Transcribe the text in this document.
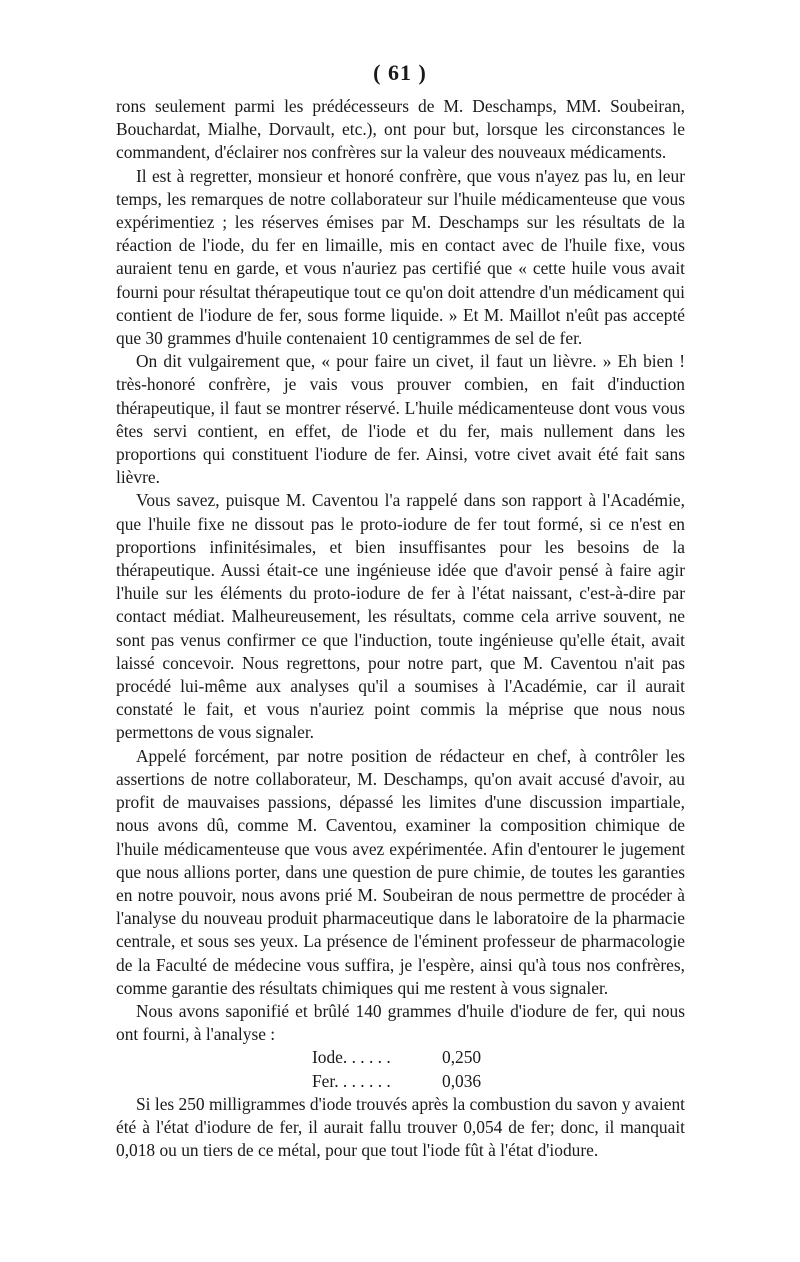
( 61 )

rons seulement parmi les prédécesseurs de M. Deschamps, MM. Soubeiran, Bouchardat, Mialhe, Dorvault, etc.), ont pour but, lorsque les circonstances le commandent, d'éclairer nos confrères sur la valeur des nouveaux médicaments.

Il est à regretter, monsieur et honoré confrère, que vous n'ayez pas lu, en leur temps, les remarques de notre collaborateur sur l'huile médicamenteuse que vous expérimentiez ; les réserves émises par M. Deschamps sur les résultats de la réaction de l'iode, du fer en limaille, mis en contact avec de l'huile fixe, vous auraient tenu en garde, et vous n'auriez pas certifié que « cette huile vous avait fourni pour résultat thérapeutique tout ce qu'on doit attendre d'un médicament qui contient de l'iodure de fer, sous forme liquide. » Et M. Maillot n'eût pas accepté que 30 grammes d'huile contenaient 10 centigrammes de sel de fer.

On dit vulgairement que, « pour faire un civet, il faut un lièvre. » Eh bien ! très-honoré confrère, je vais vous prouver combien, en fait d'induction thérapeutique, il faut se montrer réservé. L'huile médicamenteuse dont vous vous êtes servi contient, en effet, de l'iode et du fer, mais nullement dans les proportions qui constituent l'iodure de fer. Ainsi, votre civet avait été fait sans lièvre.

Vous savez, puisque M. Caventou l'a rappelé dans son rapport à l'Académie, que l'huile fixe ne dissout pas le proto-iodure de fer tout formé, si ce n'est en proportions infinitésimales, et bien insuffisantes pour les besoins de la thérapeutique. Aussi était-ce une ingénieuse idée que d'avoir pensé à faire agir l'huile sur les éléments du proto-iodure de fer à l'état naissant, c'est-à-dire par contact médiat. Malheureusement, les résultats, comme cela arrive souvent, ne sont pas venus confirmer ce que l'induction, toute ingénieuse qu'elle était, avait laissé concevoir. Nous regrettons, pour notre part, que M. Caventou n'ait pas procédé lui-même aux analyses qu'il a soumises à l'Académie, car il aurait constaté le fait, et vous n'auriez point commis la méprise que nous nous permettons de vous signaler.

Appelé forcément, par notre position de rédacteur en chef, à contrôler les assertions de notre collaborateur, M. Deschamps, qu'on avait accusé d'avoir, au profit de mauvaises passions, dépassé les limites d'une discussion impartiale, nous avons dû, comme M. Caventou, examiner la composition chimique de l'huile médicamenteuse que vous avez expérimentée. Afin d'entourer le jugement que nous allions porter, dans une question de pure chimie, de toutes les garanties en notre pouvoir, nous avons prié M. Soubeiran de nous permettre de procéder à l'analyse du nouveau produit pharmaceutique dans le laboratoire de la pharmacie centrale, et sous ses yeux. La présence de l'éminent professeur de pharmacologie de la Faculté de médecine vous suffira, je l'espère, ainsi qu'à tous nos confrères, comme garantie des résultats chimiques qui me restent à vous signaler.

Nous avons saponifié et brûlé 140 grammes d'huile d'iodure de fer, qui nous ont fourni, à l'analyse :

Iode. . . . . .	0,250
Fer. . . . . . .	0,036

Si les 250 milligrammes d'iode trouvés après la combustion du savon y avaient été à l'état d'iodure de fer, il aurait fallu trouver 0,054 de fer; donc, il manquait 0,018 ou un tiers de ce métal, pour que tout l'iode fût à l'état d'iodure.
